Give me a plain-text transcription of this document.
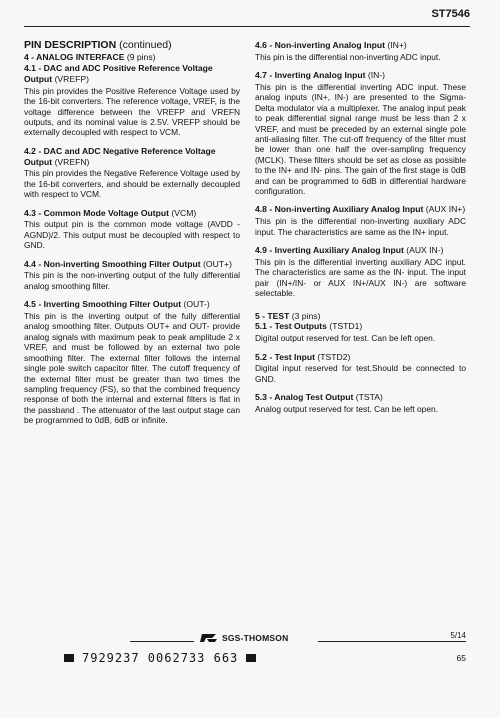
ST7546
PIN DESCRIPTION (continued)
4 - ANALOG INTERFACE (9 pins)
4.1 - DAC and ADC Positive Reference Voltage Output (VREFP)

This pin provides the Positive Reference Voltage used by the 16-bit converters. The reference voltage, VREF, is the voltage difference between the VREFP and VREFN outputs, and its nominal value is 2.5V. VREFP should be externally decoupled with respect to VCM.

4.2 - DAC and ADC Negative Reference Voltage Output (VREFN)

This pin provides the Negative Reference Voltage used by the 16-bit converters, and should be externally decoupled with respect to VCM.

4.3 - Common Mode Voltage Output (VCM)

This output pin is the common mode voltage (AVDD - AGND)/2. This output must be decoupled with respect to GND.

4.4 - Non-inverting Smoothing Filter Output (OUT+)

This pin is the non-inverting output of the fully differential analog smoothing filter.

4.5 - Inverting Smoothing Filter Output (OUT-)

This pin is the inverting output of the fully differential analog smoothing filter. Outputs OUT+ and OUT- provide analog signals with maximum peak to peak amplitude 2 x VREF, and must be followed by an external two pole smoothing filter. The external filter follows the internal single pole switch capacitor filter. The cutoff frequency of the external filter must be greater than two times the sampling frequency (FS), so that the combined frequency response of both the internal and external filters is flat in the passband . The attenuator of the last output stage can be programmed to 0dB, 6dB or infinite.

4.6 - Non-inverting Analog Input (IN+)

This pin is the differential non-inverting ADC input.

4.7 - Inverting Analog Input (IN-)

This pin is the differential inverting ADC input. These analog inputs (IN+, IN-) are presented to the Sigma-Delta modulator via a multiplexer. The analog input peak to peak differential signal range must be less than 2 x VREF, and must be preceded by an external single pole anti-aliasing filter. The cut-off frequency of the filter must be lower than one half the over-sampling frequency (MCLK). These filters should be set as close as possible to the IN+ and IN- pins. The gain of the first stage is 0dB and can be programmed to 6dB in differential hardware configuration.

4.8 - Non-inverting Auxiliary Analog Input (AUX IN+)

This pin is the differential non-inverting auxiliary ADC input. The characteristics are same as the IN+ input.

4.9 - Inverting Auxiliary Analog Input (AUX IN-)

This pin is the differential inverting auxiliary ADC input. The characteristics are same as the IN- input. The input pair (IN+/IN- or AUX IN+/AUX IN-) are software selectable.

5 - TEST (3 pins)
5.1 - Test Outputs (TSTD1)

Digital output reserved for test. Can be left open.

5.2 - Test Input (TSTD2)

Digital input reserved for test.Should be connected to GND.

5.3 - Analog Test Output (TSTA)

Analog output reserved for test. Can be left open.

SGS-THOMSON	5/14
7929237 0062733 663	65
